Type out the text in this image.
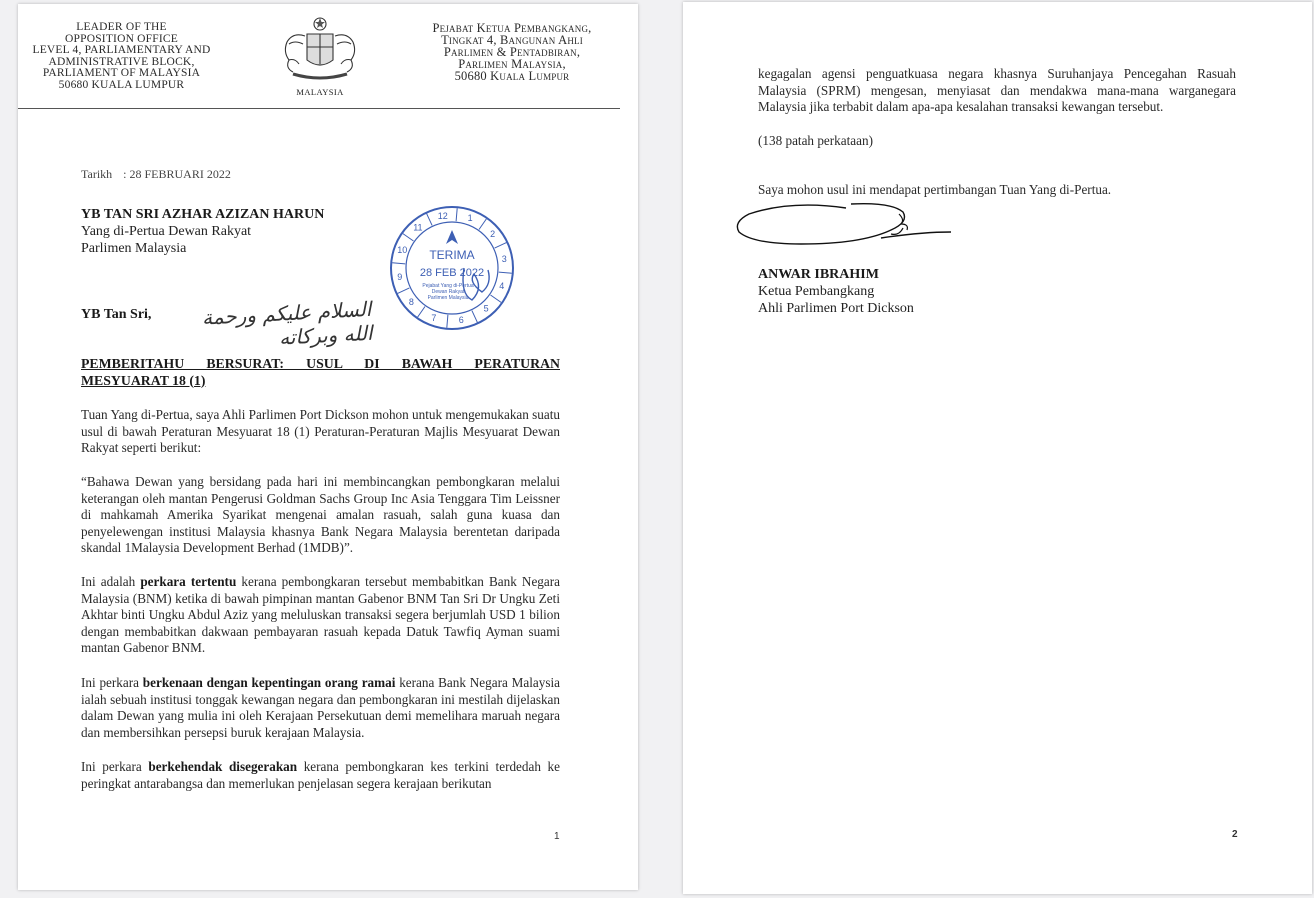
LEADER OF THE
OPPOSITION OFFICE
LEVEL 4, PARLIAMENTARY AND
ADMINISTRATIVE BLOCK,
PARLIAMENT OF MALAYSIA
50680 KUALA LUMPUR
MALAYSIA
Pejabat Ketua Pembangkang,
Tingkat 4, Bangunan Ahli
Parlimen & Pentadbiran,
Parlimen Malaysia,
50680 Kuala Lumpur
Tarikh : 28 FEBRUARI 2022
YB TAN SRI AZHAR AZIZAN HARUN
Yang di-Pertua Dewan Rakyat
Parlimen Malaysia
YB Tan Sri,	السلام عليكم ورحمة الله وبركاته
1
2
3
4
5
6
7
8
9
10
11
12
TERIMA
28 FEB 2022
Pejabat Yang di-Pertua
Dewan Rakyat
Parlimen Malaysia
PEMBERITAHU BERSURAT: USUL DI BAWAH PERATURAN
MESYUARAT 18 (1)
Tuan Yang di-Pertua, saya Ahli Parlimen Port Dickson mohon untuk mengemukakan suatu usul di bawah Peraturan Mesyuarat 18 (1) Peraturan-Peraturan Majlis Mesyuarat Dewan Rakyat seperti berikut:
“Bahawa Dewan yang bersidang pada hari ini membincangkan pembongkaran melalui keterangan oleh mantan Pengerusi Goldman Sachs Group Inc Asia Tenggara Tim Leissner di mahkamah Amerika Syarikat mengenai amalan rasuah, salah guna kuasa dan penyelewengan institusi Malaysia khasnya Bank Negara Malaysia berentetan daripada skandal 1Malaysia Development Berhad (1MDB)”.
Ini adalah perkara tertentu kerana pembongkaran tersebut membabitkan Bank Negara Malaysia (BNM) ketika di bawah pimpinan mantan Gabenor BNM Tan Sri Dr Ungku Zeti Akhtar binti Ungku Abdul Aziz yang meluluskan transaksi segera berjumlah USD 1 bilion dengan membabitkan dakwaan pembayaran rasuah kepada Datuk Tawfiq Ayman suami mantan Gabenor BNM.
Ini perkara berkenaan dengan kepentingan orang ramai kerana Bank Negara Malaysia ialah sebuah institusi tonggak kewangan negara dan pembongkaran ini mestilah dijelaskan dalam Dewan yang mulia ini oleh Kerajaan Persekutuan demi memelihara maruah negara dan membersihkan persepsi buruk kerajaan Malaysia.
Ini perkara berkehendak disegerakan kerana pembongkaran kes terkini terdedah ke peringkat antarabangsa dan memerlukan penjelasan segera kerajaan berikutan
1
kegagalan agensi penguatkuasa negara khasnya Suruhanjaya Pencegahan Rasuah Malaysia (SPRM) mengesan, menyiasat dan mendakwa mana-mana warganegara Malaysia jika terbabit dalam apa-apa kesalahan transaksi kewangan tersebut.
(138 patah perkataan)
Saya mohon usul ini mendapat pertimbangan Tuan Yang di-Pertua.
ANWAR IBRAHIM
Ketua Pembangkang
Ahli Parlimen Port Dickson
2
